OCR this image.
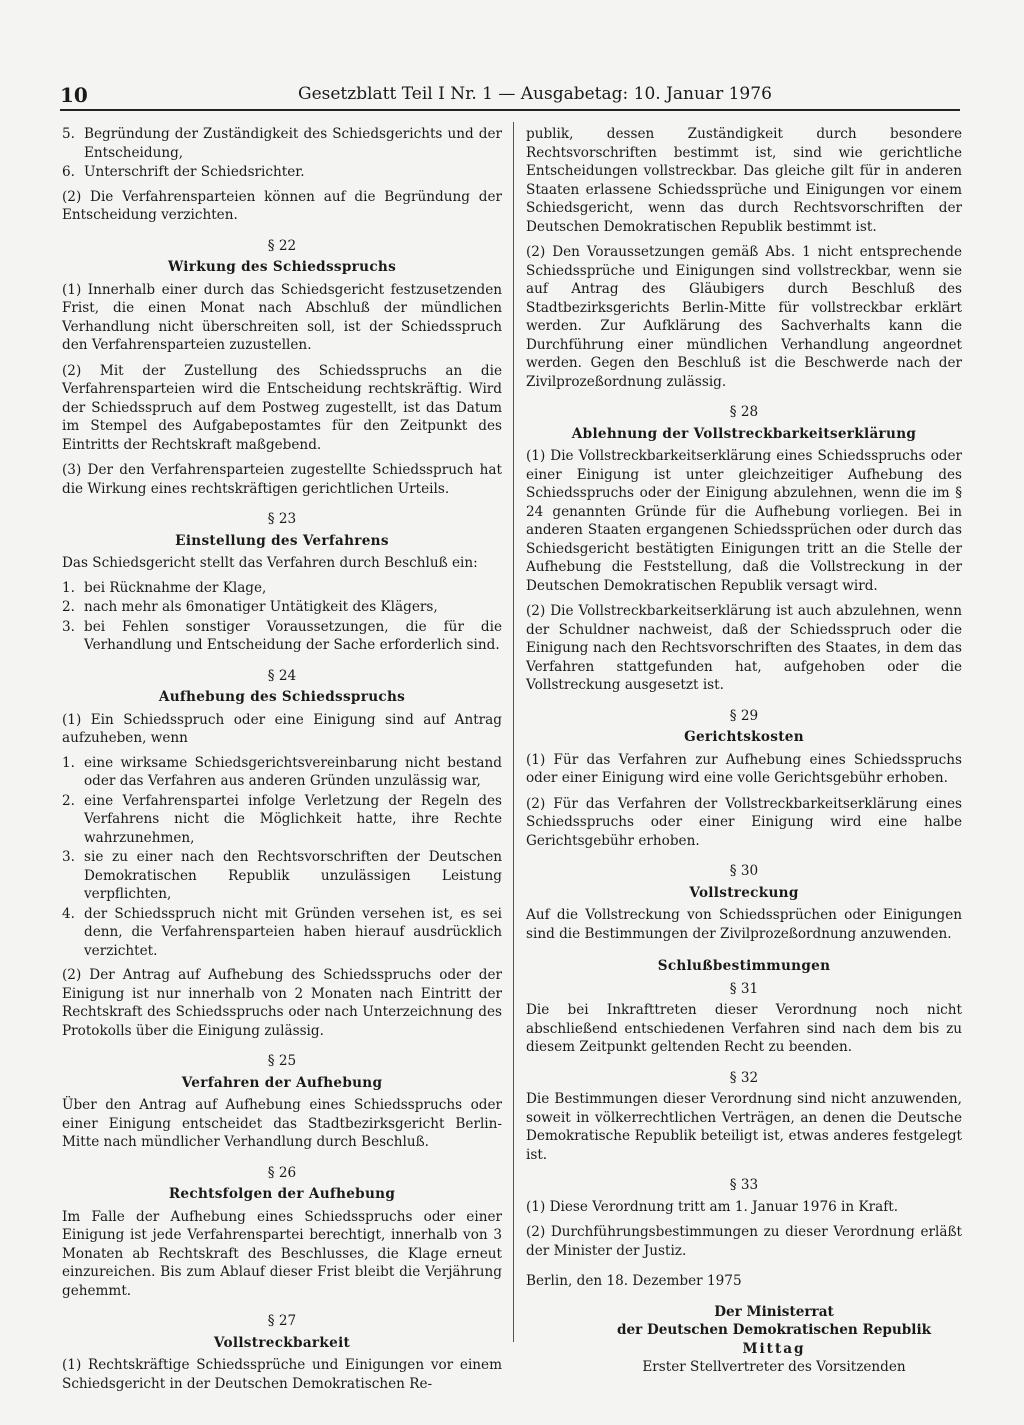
10	Gesetzblatt Teil I Nr. 1 — Ausgabetag: 10. Januar 1976
5. Begründung der Zuständigkeit des Schiedsgerichts und der Entscheidung,
6. Unterschrift der Schiedsrichter.

(2) Die Verfahrensparteien können auf die Begründung der Entscheidung verzichten.

§ 22
Wirkung des Schiedsspruchs

(1) Innerhalb einer durch das Schiedsgericht festzusetzenden Frist, die einen Monat nach Abschluß der mündlichen Verhandlung nicht überschreiten soll, ist der Schiedsspruch den Verfahrensparteien zuzustellen.

(2) Mit der Zustellung des Schiedsspruchs an die Verfahrensparteien wird die Entscheidung rechtskräftig. Wird der Schiedsspruch auf dem Postweg zugestellt, ist das Datum im Stempel des Aufgabepostamtes für den Zeitpunkt des Eintritts der Rechtskraft maßgebend.

(3) Der den Verfahrensparteien zugestellte Schiedsspruch hat die Wirkung eines rechtskräftigen gerichtlichen Urteils.

§ 23
Einstellung des Verfahrens

Das Schiedsgericht stellt das Verfahren durch Beschluß ein:

1. bei Rücknahme der Klage,
2. nach mehr als 6monatiger Untätigkeit des Klägers,
3. bei Fehlen sonstiger Voraussetzungen, die für die Verhandlung und Entscheidung der Sache erforderlich sind.
§ 24
Aufhebung des Schiedsspruchs

(1) Ein Schiedsspruch oder eine Einigung sind auf Antrag aufzuheben, wenn

1. eine wirksame Schiedsgerichtsvereinbarung nicht bestand oder das Verfahren aus anderen Gründen unzulässig war,
2. eine Verfahrenspartei infolge Verletzung der Regeln des Verfahrens nicht die Möglichkeit hatte, ihre Rechte wahrzunehmen,
3. sie zu einer nach den Rechtsvorschriften der Deutschen Demokratischen Republik unzulässigen Leistung verpflichten,
4. der Schiedsspruch nicht mit Gründen versehen ist, es sei denn, die Verfahrensparteien haben hierauf ausdrücklich verzichtet.

(2) Der Antrag auf Aufhebung des Schiedsspruchs oder der Einigung ist nur innerhalb von 2 Monaten nach Eintritt der Rechtskraft des Schiedsspruchs oder nach Unterzeichnung des Protokolls über die Einigung zulässig.

§ 25
Verfahren der Aufhebung

Über den Antrag auf Aufhebung eines Schiedsspruchs oder einer Einigung entscheidet das Stadtbezirksgericht Berlin-Mitte nach mündlicher Verhandlung durch Beschluß.

§ 26
Rechtsfolgen der Aufhebung

Im Falle der Aufhebung eines Schiedsspruchs oder einer Einigung ist jede Verfahrenspartei berechtigt, innerhalb von 3 Monaten ab Rechtskraft des Beschlusses, die Klage erneut einzureichen. Bis zum Ablauf dieser Frist bleibt die Verjährung gehemmt.

§ 27
Vollstreckbarkeit

(1) Rechtskräftige Schiedssprüche und Einigungen vor einem Schiedsgericht in der Deutschen Demokratischen Re-

publik, dessen Zuständigkeit durch besondere Rechtsvorschriften bestimmt ist, sind wie gerichtliche Entscheidungen vollstreckbar. Das gleiche gilt für in anderen Staaten erlassene Schiedssprüche und Einigungen vor einem Schiedsgericht, wenn das durch Rechtsvorschriften der Deutschen Demokratischen Republik bestimmt ist.

(2) Den Voraussetzungen gemäß Abs. 1 nicht entsprechende Schiedssprüche und Einigungen sind vollstreckbar, wenn sie auf Antrag des Gläubigers durch Beschluß des Stadtbezirksgerichts Berlin-Mitte für vollstreckbar erklärt werden. Zur Aufklärung des Sachverhalts kann die Durchführung einer mündlichen Verhandlung angeordnet werden. Gegen den Beschluß ist die Beschwerde nach der Zivilprozeßordnung zulässig.

§ 28
Ablehnung der Vollstreckbarkeitserklärung

(1) Die Vollstreckbarkeitserklärung eines Schiedsspruchs oder einer Einigung ist unter gleichzeitiger Aufhebung des Schiedsspruchs oder der Einigung abzulehnen, wenn die im § 24 genannten Gründe für die Aufhebung vorliegen. Bei in anderen Staaten ergangenen Schiedssprüchen oder durch das Schiedsgericht bestätigten Einigungen tritt an die Stelle der Aufhebung die Feststellung, daß die Vollstreckung in der Deutschen Demokratischen Republik versagt wird.

(2) Die Vollstreckbarkeitserklärung ist auch abzulehnen, wenn der Schuldner nachweist, daß der Schiedsspruch oder die Einigung nach den Rechtsvorschriften des Staates, in dem das Verfahren stattgefunden hat, aufgehoben oder die Vollstreckung ausgesetzt ist.

§ 29
Gerichtskosten

(1) Für das Verfahren zur Aufhebung eines Schiedsspruchs oder einer Einigung wird eine volle Gerichtsgebühr erhoben.

(2) Für das Verfahren der Vollstreckbarkeitserklärung eines Schiedsspruchs oder einer Einigung wird eine halbe Gerichtsgebühr erhoben.

§ 30
Vollstreckung

Auf die Vollstreckung von Schiedssprüchen oder Einigungen sind die Bestimmungen der Zivilprozeßordnung anzuwenden.

Schlußbestimmungen
§ 31

Die bei Inkrafttreten dieser Verordnung noch nicht abschließend entschiedenen Verfahren sind nach dem bis zu diesem Zeitpunkt geltenden Recht zu beenden.

§ 32

Die Bestimmungen dieser Verordnung sind nicht anzuwenden, soweit in völkerrechtlichen Verträgen, an denen die Deutsche Demokratische Republik beteiligt ist, etwas anderes festgelegt ist.

§ 33

(1) Diese Verordnung tritt am 1. Januar 1976 in Kraft.

(2) Durchführungsbestimmungen zu dieser Verordnung erläßt der Minister der Justiz.

Berlin, den 18. Dezember 1975

Der Ministerrat
der Deutschen Demokratischen Republik
Mittag
Erster Stellvertreter des Vorsitzenden
